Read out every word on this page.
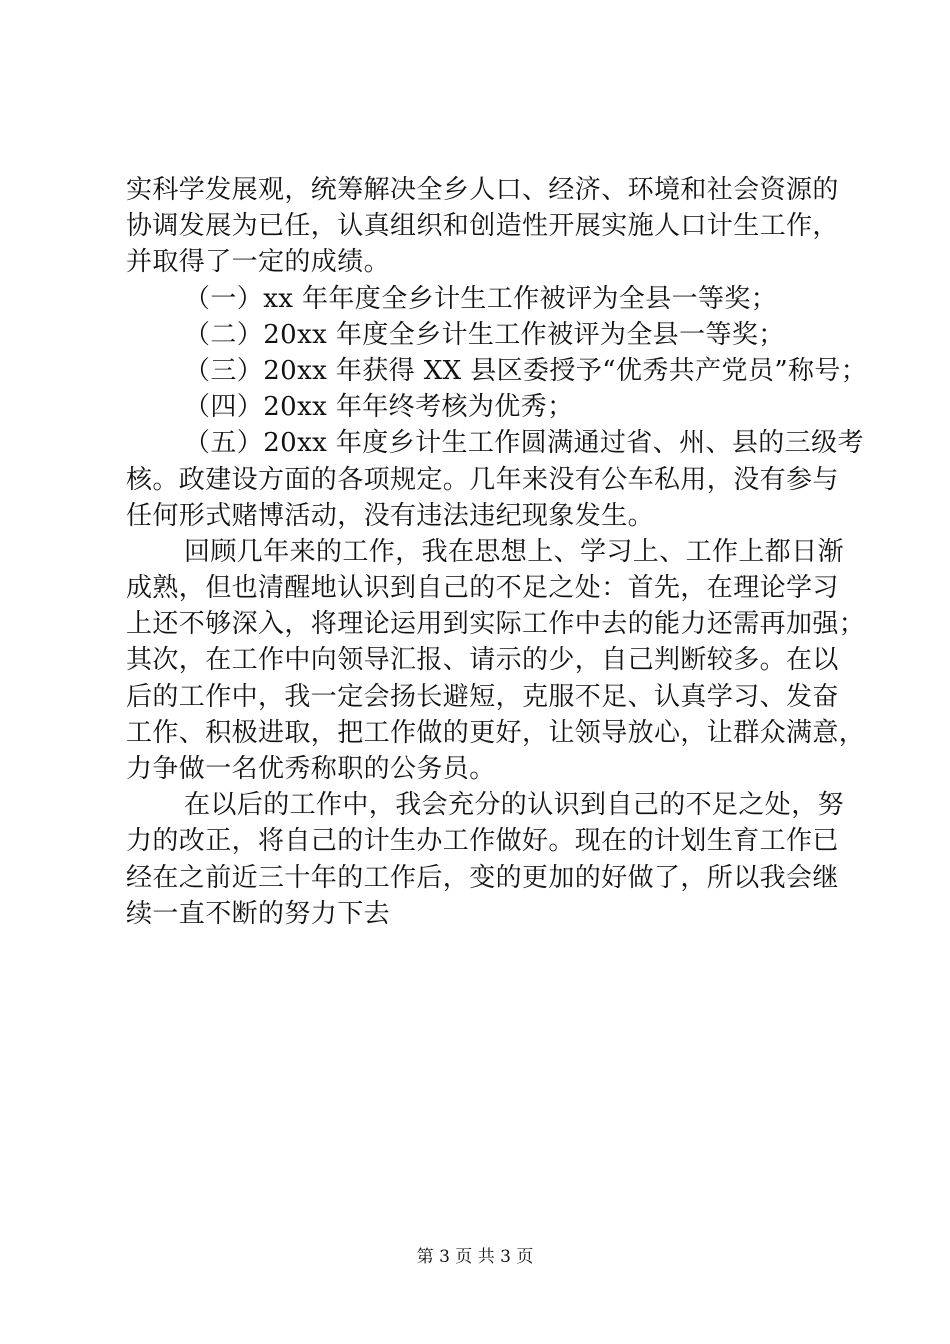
实科学发展观，统筹解决全乡人口、经济、环境和社会资源的
协调发展为已任，认真组织和创造性开展实施人口计生工作，
并取得了一定的成绩。
（一）xx 年年度全乡计生工作被评为全县一等奖；
（二）20xx 年度全乡计生工作被评为全县一等奖；
（三）20xx 年获得 XX 县区委授予“优秀共产党员”称号；
（四）20xx 年年终考核为优秀；
（五）20xx 年度乡计生工作圆满通过省、州、县的三级考
核。政建设方面的各项规定。几年来没有公车私用，没有参与
任何形式赌博活动，没有违法违纪现象发生。
回顾几年来的工作，我在思想上、学习上、工作上都日渐
成熟，但也清醒地认识到自己的不足之处：首先，在理论学习
上还不够深入，将理论运用到实际工作中去的能力还需再加强；
其次，在工作中向领导汇报、请示的少，自己判断较多。在以
后的工作中，我一定会扬长避短，克服不足、认真学习、发奋
工作、积极进取，把工作做的更好，让领导放心，让群众满意，
力争做一名优秀称职的公务员。
在以后的工作中，我会充分的认识到自己的不足之处，努
力的改正，将自己的计生办工作做好。现在的计划生育工作已
经在之前近三十年的工作后，变的更加的好做了，所以我会继
续一直不断的努力下去
第 3 页 共 3 页
